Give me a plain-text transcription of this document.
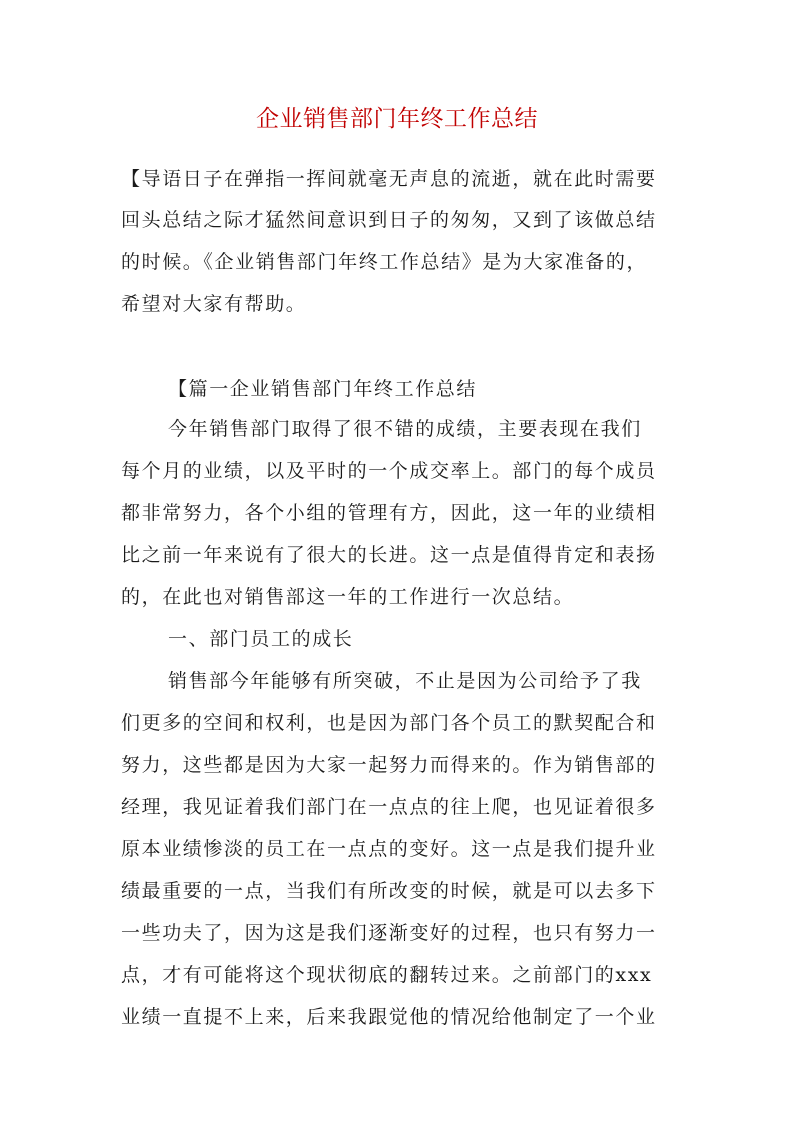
企业销售部门年终工作总结
【导语日子在弹指一挥间就毫无声息的流逝，就在此时需要
回头总结之际才猛然间意识到日子的匆匆，又到了该做总结
的时候。《企业销售部门年终工作总结》是为大家准备的，
希望对大家有帮助。
【篇一企业销售部门年终工作总结
今年销售部门取得了很不错的成绩，主要表现在我们
每个月的业绩，以及平时的一个成交率上。部门的每个成员
都非常努力，各个小组的管理有方，因此，这一年的业绩相
比之前一年来说有了很大的长进。这一点是值得肯定和表扬
的，在此也对销售部这一年的工作进行一次总结。
一、部门员工的成长
销售部今年能够有所突破，不止是因为公司给予了我
们更多的空间和权利，也是因为部门各个员工的默契配合和
努力，这些都是因为大家一起努力而得来的。作为销售部的
经理，我见证着我们部门在一点点的往上爬，也见证着很多
原本业绩惨淡的员工在一点点的变好。这一点是我们提升业
绩最重要的一点，当我们有所改变的时候，就是可以去多下
一些功夫了，因为这是我们逐渐变好的过程，也只有努力一
点，才有可能将这个现状彻底的翻转过来。之前部门的xxx
业绩一直提不上来，后来我跟觉他的情况给他制定了一个业
